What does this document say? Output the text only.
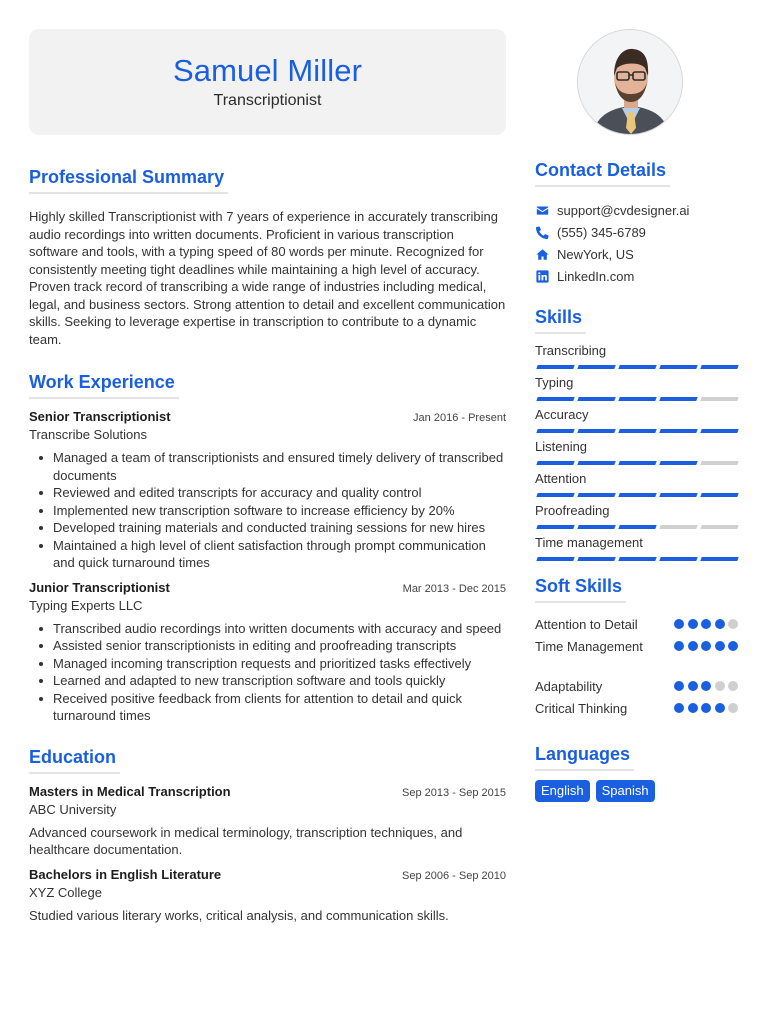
Samuel Miller
Transcriptionist
Professional Summary

Highly skilled Transcriptionist with 7 years of experience in accurately transcribing audio recordings into written documents. Proficient in various transcription software and tools, with a typing speed of 80 words per minute. Recognized for consistently meeting tight deadlines while maintaining a high level of accuracy. Proven track record of transcribing a wide range of industries including medical, legal, and business sectors. Strong attention to detail and excellent communication skills. Seeking to leverage expertise in transcription to contribute to a dynamic team.

Work Experience
Senior Transcriptionist	Jan 2016 - Present
Transcribe Solutions
Managed a team of transcriptionists and ensured timely delivery of transcribed documents
Reviewed and edited transcripts for accuracy and quality control
Implemented new transcription software to increase efficiency by 20%
Developed training materials and conducted training sessions for new hires
Maintained a high level of client satisfaction through prompt communication and quick turnaround times
Junior Transcriptionist	Mar 2013 - Dec 2015
Typing Experts LLC
Transcribed audio recordings into written documents with accuracy and speed
Assisted senior transcriptionists in editing and proofreading transcripts
Managed incoming transcription requests and prioritized tasks effectively
Learned and adapted to new transcription software and tools quickly
Received positive feedback from clients for attention to detail and quick turnaround times
Education
Masters in Medical Transcription	Sep 2013 - Sep 2015
ABC University

Advanced coursework in medical terminology, transcription techniques, and healthcare documentation.

Bachelors in English Literature	Sep 2006 - Sep 2010
XYZ College

Studied various literary works, critical analysis, and communication skills.

Contact Details
support@cvdesigner.ai
(555) 345-6789
NewYork, US
LinkedIn.com
Skills
Transcribing
Typing
Accuracy
Listening
Attention
Proofreading
Time management
Soft Skills
Attention to Detail
Time Management
Adaptability
Critical Thinking
Languages
English	Spanish
